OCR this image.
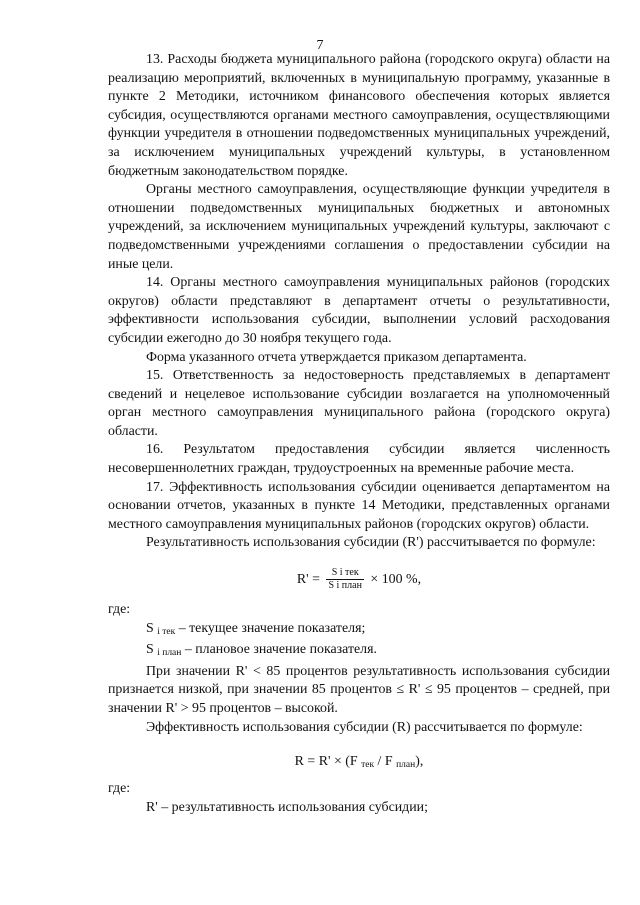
7

13. Расходы бюджета муниципального района (городского округа) области на реализацию мероприятий, включенных в муниципальную программу, указанные в пункте 2 Методики, источником финансового обеспечения которых является субсидия, осуществляются органами местного самоуправления, осуществляющими функции учредителя в отношении подведомственных муниципальных учреждений, за исключением муниципальных учреждений культуры, в установленном бюджетным законодательством порядке.

Органы местного самоуправления, осуществляющие функции учредителя в отношении подведомственных муниципальных бюджетных и автономных учреждений, за исключением муниципальных учреждений культуры, заключают с подведомственными учреждениями соглашения о предоставлении субсидии на иные цели.

14. Органы местного самоуправления муниципальных районов (городских округов) области представляют в департамент отчеты о результативности, эффективности использования субсидии, выполнении условий расходования субсидии ежегодно до 30 ноября текущего года.

Форма указанного отчета утверждается приказом департамента.

15. Ответственность за недостоверность представляемых в департамент сведений и нецелевое использование субсидии возлагается на уполномоченный орган местного самоуправления муниципального района (городского округа) области.

16. Результатом предоставления субсидии является численность несовершеннолетних граждан, трудоустроенных на временные рабочие места.

17. Эффективность использования субсидии оценивается департаментом на основании отчетов, указанных в пункте 14 Методики, представленных органами местного самоуправления муниципальных районов (городских округов) области.

Результативность использования субсидии (R') рассчитывается по формуле:

$R' = \frac{\text{S i тек}}{\text{S i план}} \times 100$ %,

где:

S $_{i тек}$ – текущее значение показателя;

S $_{i план}$ – плановое значение показателя.

При значении R' < 85 процентов результативность использования субсидии признается низкой, при значении 85 процентов ≤ R' ≤ 95 процентов – средней, при значении R' > 95 процентов – высокой.

Эффективность использования субсидии (R) рассчитывается по формуле:

R = R' × (F $_{тек}$ / F $_{план}$),

где:

R' – результативность использования субсидии;
